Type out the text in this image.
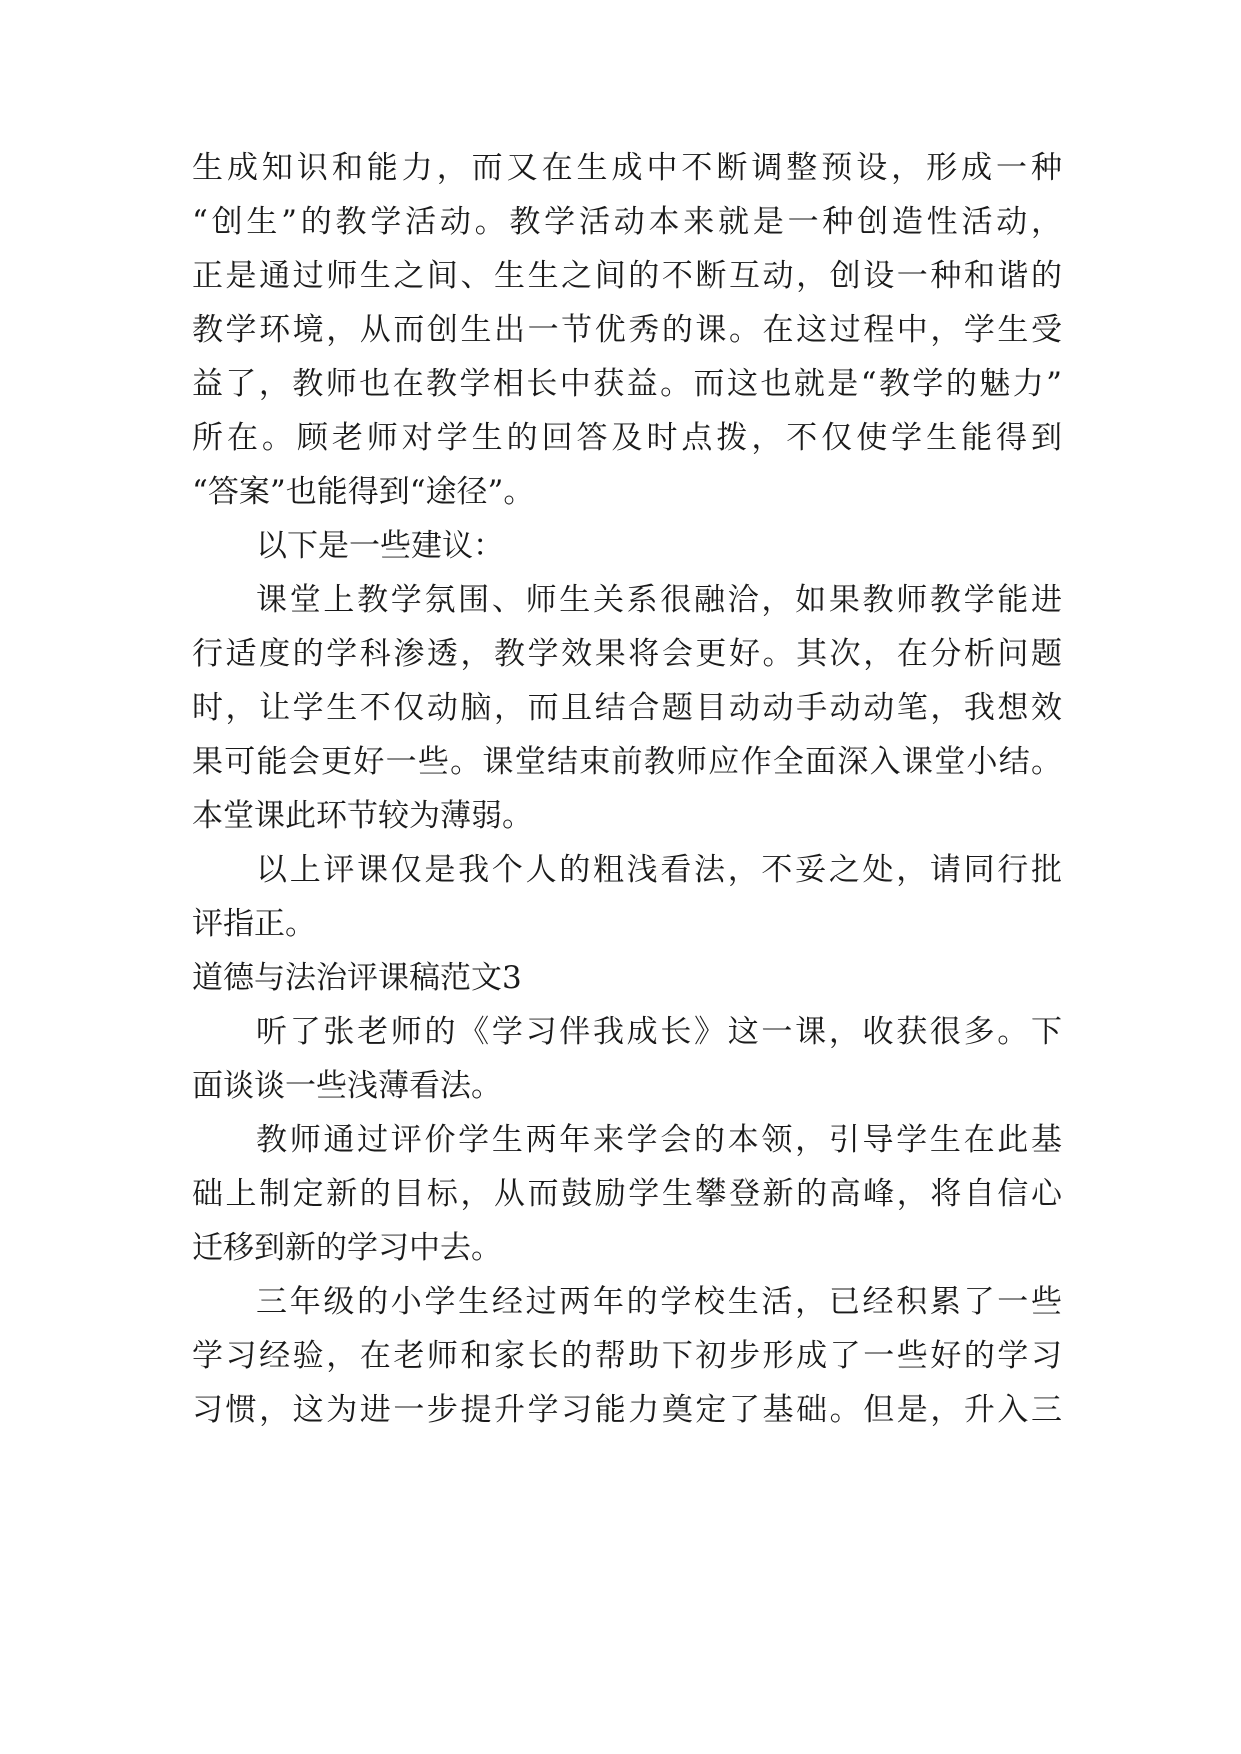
生成知识和能力，而又在生成中不断调整预设，形成一种
“创生”的教学活动。教学活动本来就是一种创造性活动，
正是通过师生之间、生生之间的不断互动，创设一种和谐的
教学环境，从而创生出一节优秀的课。在这过程中，学生受
益了，教师也在教学相长中获益。而这也就是“教学的魅力”
所在。顾老师对学生的回答及时点拨，不仅使学生能得到
“答案”也能得到“途径”。
以下是一些建议：
课堂上教学氛围、师生关系很融洽，如果教师教学能进
行适度的学科渗透，教学效果将会更好。其次，在分析问题
时，让学生不仅动脑，而且结合题目动动手动动笔，我想效
果可能会更好一些。课堂结束前教师应作全面深入课堂小结。
本堂课此环节较为薄弱。
以上评课仅是我个人的粗浅看法，不妥之处，请同行批
评指正。
道德与法治评课稿范文3
听了张老师的《学习伴我成长》这一课，收获很多。下
面谈谈一些浅薄看法。
教师通过评价学生两年来学会的本领，引导学生在此基
础上制定新的目标，从而鼓励学生攀登新的高峰，将自信心
迁移到新的学习中去。
三年级的小学生经过两年的学校生活，已经积累了一些
学习经验，在老师和家长的帮助下初步形成了一些好的学习
习惯，这为进一步提升学习能力奠定了基础。但是，升入三
